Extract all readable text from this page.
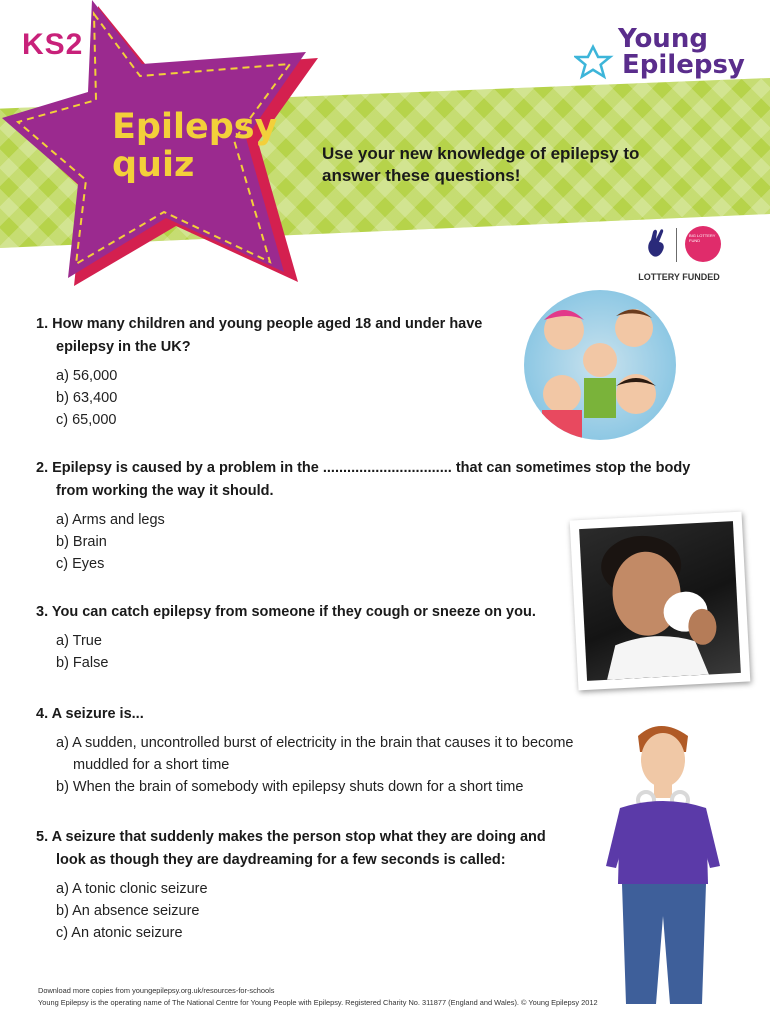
KS2
Epilepsy
quiz	Use your new knowledge of epilepsy to answer these questions!
Young
Epilepsy
BIG LOTTERY FUND
LOTTERY FUNDED
1. How many children and young people aged 18 and under have
epilepsy in the UK?
a) 56,000
b) 63,400
c) 65,000
2. Epilepsy is caused by a problem in the ................................ that can sometimes stop the body
from working the way it should.
a) Arms and legs
b) Brain
c) Eyes
3. You can catch epilepsy from someone if they cough or sneeze on you.
a) True
b) False
4. A seizure is...
a) A sudden, uncontrolled burst of electricity in the brain that causes it to become
muddled for a short time
b) When the brain of somebody with epilepsy shuts down for a short time
5. A seizure that suddenly makes the person stop what they are doing and
look as though they are daydreaming for a few seconds is called:
a) A tonic clonic seizure
b) An absence seizure
c) An atonic seizure
Download more copies from youngepilepsy.org.uk/resources-for-schools
Young Epilepsy is the operating name of The National Centre for Young People with Epilepsy. Registered Charity No. 311877 (England and Wales). © Young Epilepsy 2012
